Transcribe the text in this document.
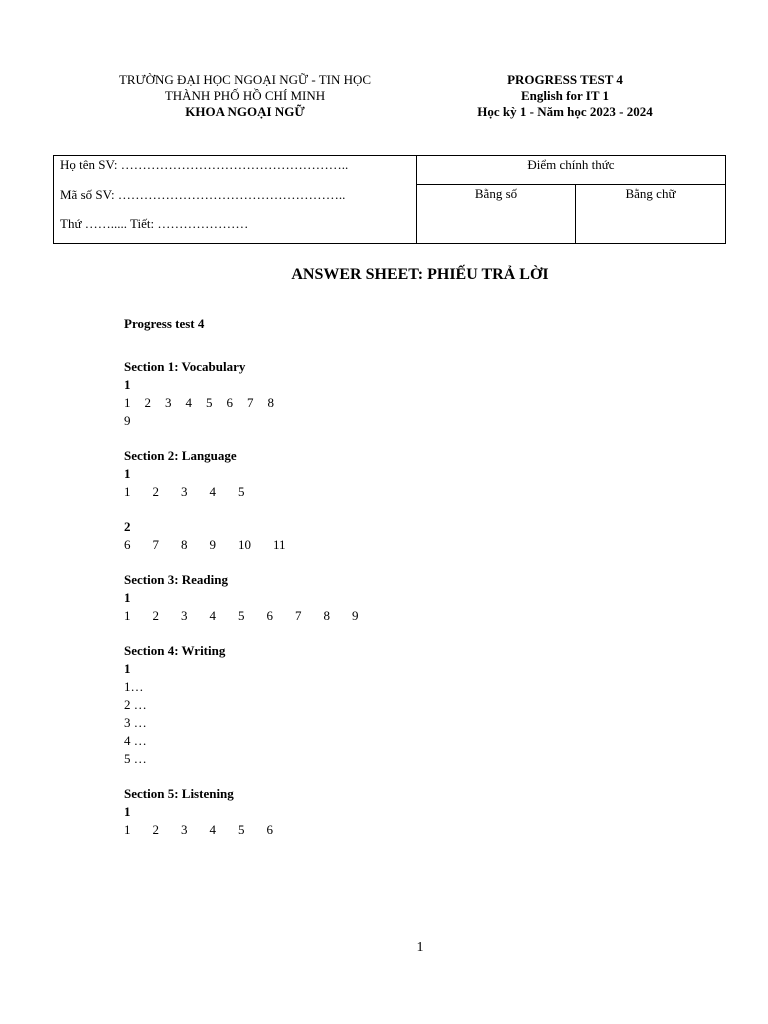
TRƯỜNG ĐẠI HỌC NGOẠI NGỮ - TIN HỌC
THÀNH PHỐ HỒ CHÍ MINH
KHOA NGOẠI NGỮ
PROGRESS TEST 4
English for IT 1
Học kỳ 1 - Năm học 2023 - 2024
Họ tên SV: ……………………………………………..
Mã số SV: ……………………………………………..
Thứ ……..... Tiết: …………………
Điểm chính thức
Bằng số	Bằng chữ
ANSWER SHEET: PHIẾU TRẢ LỜI
Progress test 4
Section 1: Vocabulary
1
1 2 3 4 5 6 7 8
9
Section 2: Language
1
1 2 3 4 5
2
6 7 8 9 10 11
Section 3: Reading
1
1 2 3 4 5 6 7 8 9
Section 4: Writing
1
1…
2 …
3 …
4 …
5 …
Section 5: Listening
1
1 2 3 4 5 6
1
